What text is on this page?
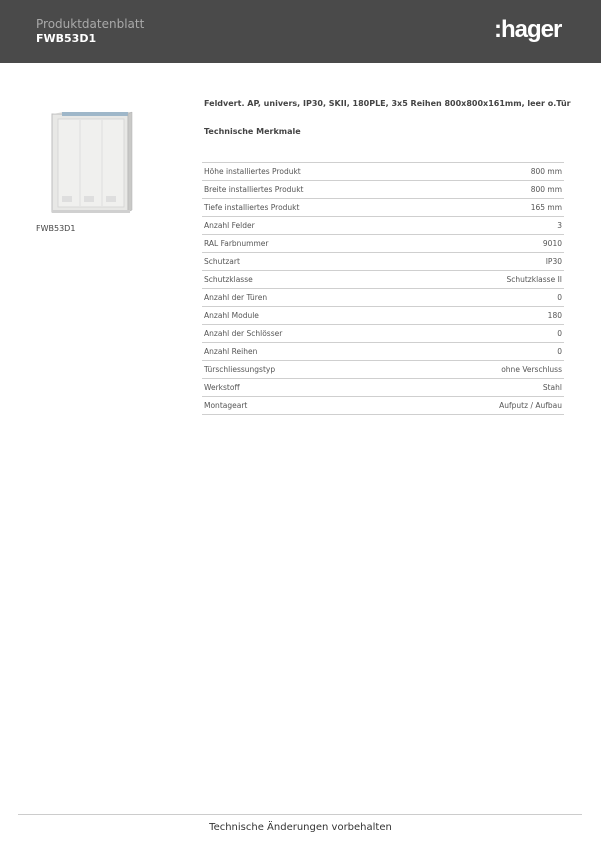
Produktdatenblatt
FWB53D1	:hager
FWB53D1
Feldvert. AP, univers, IP30, SKII, 180PLE, 3x5 Reihen 800x800x161mm, leer o.Tür
Technische Merkmale
Höhe installiertes Produkt	800 mm
Breite installiertes Produkt	800 mm
Tiefe installiertes Produkt	165 mm
Anzahl Felder	3
RAL Farbnummer	9010
Schutzart	IP30
Schutzklasse	Schutzklasse II
Anzahl der Türen	0
Anzahl Module	180
Anzahl der Schlösser	0
Anzahl Reihen	0
Türschliessungstyp	ohne Verschluss
Werkstoff	Stahl
Montageart	Aufputz / Aufbau
Technische Änderungen vorbehalten
